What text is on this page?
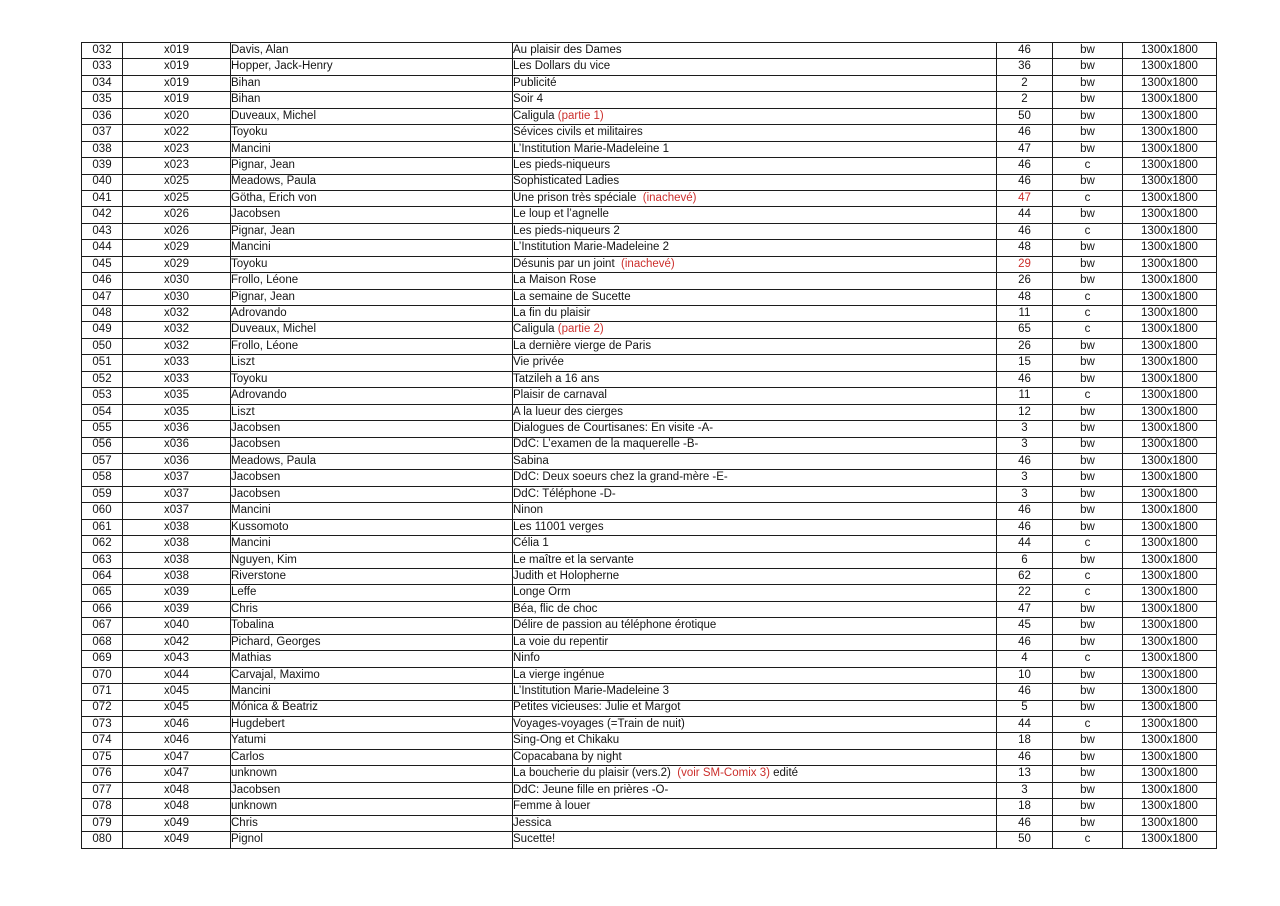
032	x019	Davis, Alan	Au plaisir des Dames	46	bw	1300x1800
033	x019	Hopper, Jack-Henry	Les Dollars du vice	36	bw	1300x1800
034	x019	Bihan	Publicité	2	bw	1300x1800
035	x019	Bihan	Soir 4	2	bw	1300x1800
036	x020	Duveaux, Michel	Caligula (partie 1)	50	bw	1300x1800
037	x022	Toyoku	Sévices civils et militaires	46	bw	1300x1800
038	x023	Mancini	L’Institution Marie-Madeleine 1	47	bw	1300x1800
039	x023	Pignar, Jean	Les pieds-niqueurs	46	c	1300x1800
040	x025	Meadows, Paula	Sophisticated Ladies	46	bw	1300x1800
041	x025	Götha, Erich von	Une prison très spéciale  (inachevé)	47	c	1300x1800
042	x026	Jacobsen	Le loup et l’agnelle	44	bw	1300x1800
043	x026	Pignar, Jean	Les pieds-niqueurs 2	46	c	1300x1800
044	x029	Mancini	L’Institution Marie-Madeleine 2	48	bw	1300x1800
045	x029	Toyoku	Désunis par un joint  (inachevé)	29	bw	1300x1800
046	x030	Frollo, Léone	La Maison Rose	26	bw	1300x1800
047	x030	Pignar, Jean	La semaine de Sucette	48	c	1300x1800
048	x032	Adrovando	La fin du plaisir	11	c	1300x1800
049	x032	Duveaux, Michel	Caligula (partie 2)	65	c	1300x1800
050	x032	Frollo, Léone	La dernière vierge de Paris	26	bw	1300x1800
051	x033	Liszt	Vie privée	15	bw	1300x1800
052	x033	Toyoku	Tatzileh a 16 ans	46	bw	1300x1800
053	x035	Adrovando	Plaisir de carnaval	11	c	1300x1800
054	x035	Liszt	A la lueur des cierges	12	bw	1300x1800
055	x036	Jacobsen	Dialogues de Courtisanes: En visite -A-	3	bw	1300x1800
056	x036	Jacobsen	DdC: L’examen de la maquerelle -B-	3	bw	1300x1800
057	x036	Meadows, Paula	Sabina	46	bw	1300x1800
058	x037	Jacobsen	DdC: Deux soeurs chez la grand-mère -E-	3	bw	1300x1800
059	x037	Jacobsen	DdC: Téléphone -D-	3	bw	1300x1800
060	x037	Mancini	Ninon	46	bw	1300x1800
061	x038	Kussomoto	Les 11001 verges	46	bw	1300x1800
062	x038	Mancini	Célia 1	44	c	1300x1800
063	x038	Nguyen, Kim	Le maître et la servante	6	bw	1300x1800
064	x038	Riverstone	Judith et Holopherne	62	c	1300x1800
065	x039	Leffe	Longe Orm	22	c	1300x1800
066	x039	Chris	Béa, flic de choc	47	bw	1300x1800
067	x040	Tobalina	Délire de passion au téléphone érotique	45	bw	1300x1800
068	x042	Pichard, Georges	La voie du repentir	46	bw	1300x1800
069	x043	Mathias	Ninfo	4	c	1300x1800
070	x044	Carvajal, Maximo	La vierge ingénue	10	bw	1300x1800
071	x045	Mancini	L’Institution Marie-Madeleine 3	46	bw	1300x1800
072	x045	Mónica & Beatriz	Petites vicieuses: Julie et Margot	5	bw	1300x1800
073	x046	Hugdebert	Voyages-voyages (=Train de nuit)	44	c	1300x1800
074	x046	Yatumi	Sing-Ong et Chikaku	18	bw	1300x1800
075	x047	Carlos	Copacabana by night	46	bw	1300x1800
076	x047	unknown	La boucherie du plaisir (vers.2)  (voir SM-Comix 3) edité	13	bw	1300x1800
077	x048	Jacobsen	DdC: Jeune fille en prières -O-	3	bw	1300x1800
078	x048	unknown	Femme à louer	18	bw	1300x1800
079	x049	Chris	Jessica	46	bw	1300x1800
080	x049	Pignol	Sucette!	50	c	1300x1800
